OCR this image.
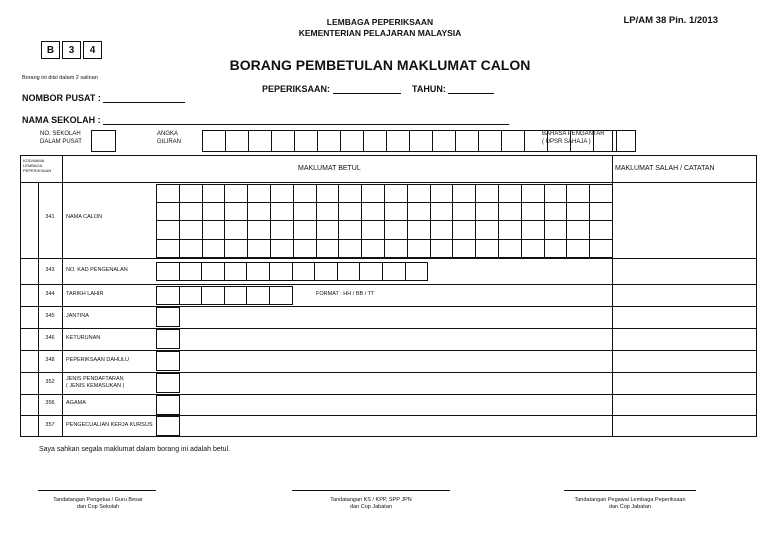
LEMBAGA PEPERIKSAAN
KEMENTERIAN PELAJARAN MALAYSIA
LP/AM 38 Pin. 1/2013
B	3	4
BORANG PEMBETULAN MAKLUMAT CALON
Borang ini diisi dalam 2 salinan
NOMBOR PUSAT :
PEPERIKSAAN:	TAHUN:
NAMA SEKOLAH :
NO. SEKOLAH
DALAM PUSAT
ANGKA
GILIRAN
BAHASA PENGANTAR
( UPSR SAHAJA )
KOD/NAMA
LEMBAGA
PEPERIKSAAN	MAKLUMAT BETUL	MAKLUMAT SALAH / CATATAN
341	NAMA CALON
343	NO. KAD PENGENALAN
344	TARIKH LAHIR	FORMAT : HH / BB / TT
345	JANTINA
346	KETURUNAN
348	PEPERIKSAAN DAHULU
352	JENIS PENDAFTARAN
( JENIS KEMASUKAN )
356	AGAMA
357	PENGECUALIAN KERJA KURSUS
Saya sahkan segala maklumat dalam borang ini adalah betul.
Tandatangan Pengetua / Guru Besar
dan Cop Sekolah
Tandatangan KS / KPP, SPP JPN
dan Cop Jabatan
Tandatangan Pegawai Lembaga Peperiksaan
dan Cop Jabatan
